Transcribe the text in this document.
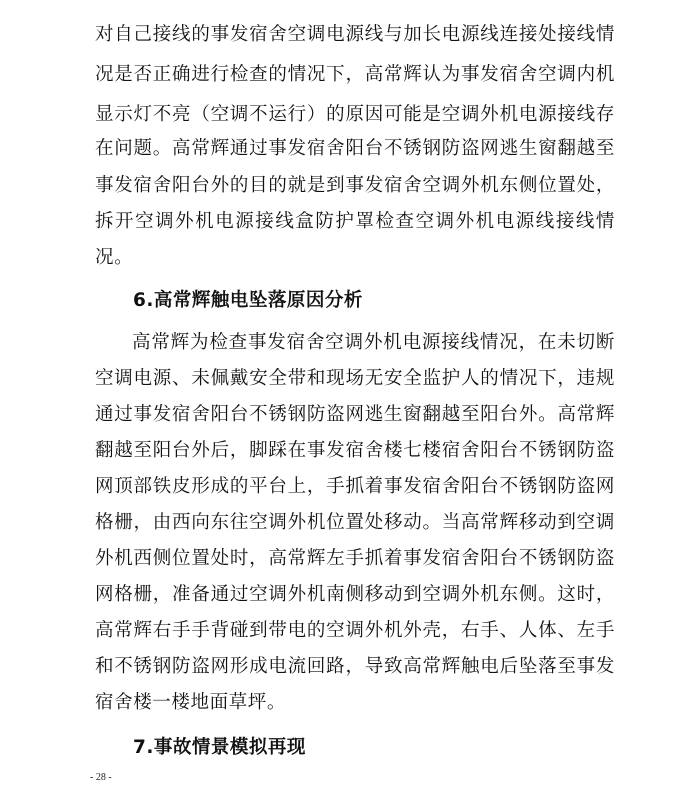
对自己接线的事发宿舍空调电源线与加长电源线连接处接线情
况是否正确进行检查的情况下，高常辉认为事发宿舍空调内机
显示灯不亮（空调不运行）的原因可能是空调外机电源接线存
在问题。高常辉通过事发宿舍阳台不锈钢防盗网逃生窗翻越至
事发宿舍阳台外的目的就是到事发宿舍空调外机东侧位置处，
拆开空调外机电源接线盒防护罩检查空调外机电源线接线情
况。
6.高常辉触电坠落原因分析
高常辉为检查事发宿舍空调外机电源接线情况，在未切断
空调电源、未佩戴安全带和现场无安全监护人的情况下，违规
通过事发宿舍阳台不锈钢防盗网逃生窗翻越至阳台外。高常辉
翻越至阳台外后，脚踩在事发宿舍楼七楼宿舍阳台不锈钢防盗
网顶部铁皮形成的平台上，手抓着事发宿舍阳台不锈钢防盗网
格栅，由西向东往空调外机位置处移动。当高常辉移动到空调
外机西侧位置处时，高常辉左手抓着事发宿舍阳台不锈钢防盗
网格栅，准备通过空调外机南侧移动到空调外机东侧。这时，
高常辉右手手背碰到带电的空调外机外壳，右手、人体、左手
和不锈钢防盗网形成电流回路，导致高常辉触电后坠落至事发
宿舍楼一楼地面草坪。
7.事故情景模拟再现
- 28 -
